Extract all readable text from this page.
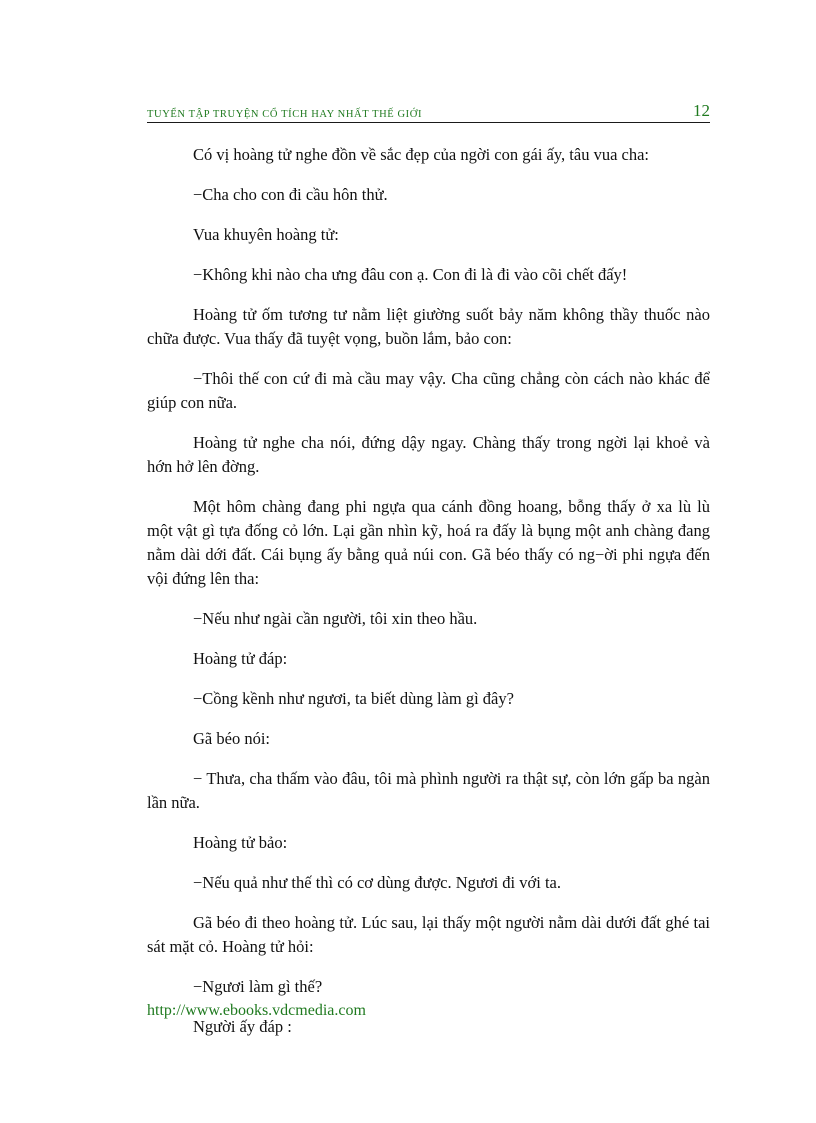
TUYỂN TẬP TRUYỆN CỔ TÍCH HAY NHẤT THẾ GIỚI	12

Có vị hoàng tử nghe đồn về sắc đẹp của ngời con gái ấy, tâu vua cha:

−Cha cho con đi cầu hôn thử.

Vua khuyên hoàng tử:

−Không khi nào cha ưng đâu con ạ. Con đi là đi vào cõi chết đấy!

Hoàng tử ốm tương tư nằm liệt giường suốt bảy năm không thầy thuốc nào chữa được. Vua thấy đã tuyệt vọng, buồn lắm, bảo con:

−Thôi thế con cứ đi mà cầu may vậy. Cha cũng chẳng còn cách nào khác để giúp con nữa.

Hoàng tử nghe cha nói, đứng dậy ngay. Chàng thấy trong ngời lại khoẻ và hớn hở lên đờng.

Một hôm chàng đang phi ngựa qua cánh đồng hoang, bỗng thấy ở xa lù lù một vật gì tựa đống cỏ lớn. Lại gần nhìn kỹ, hoá ra đấy là bụng một anh chàng đang nằm dài dới đất. Cái bụng ấy bằng quả núi con. Gã béo thấy có ng−ời phi ngựa đến vội đứng lên tha:

−Nếu như ngài cần người, tôi xin theo hầu.

Hoàng tử đáp:

−Cồng kềnh như ngươi, ta biết dùng làm gì đây?

Gã béo nói:

− Thưa, cha thấm vào đâu, tôi mà phình người ra thật sự, còn lớn gấp ba ngàn lần nữa.

Hoàng tử bảo:

−Nếu quả như thế thì có cơ dùng được. Ngươi đi với ta.

Gã béo đi theo hoàng tử. Lúc sau, lại thấy một người nằm dài dưới đất ghé tai sát mặt cỏ. Hoàng tử hỏi:

−Ngươi làm gì thế?

Người ấy đáp :

http://www.ebooks.vdcmedia.com
